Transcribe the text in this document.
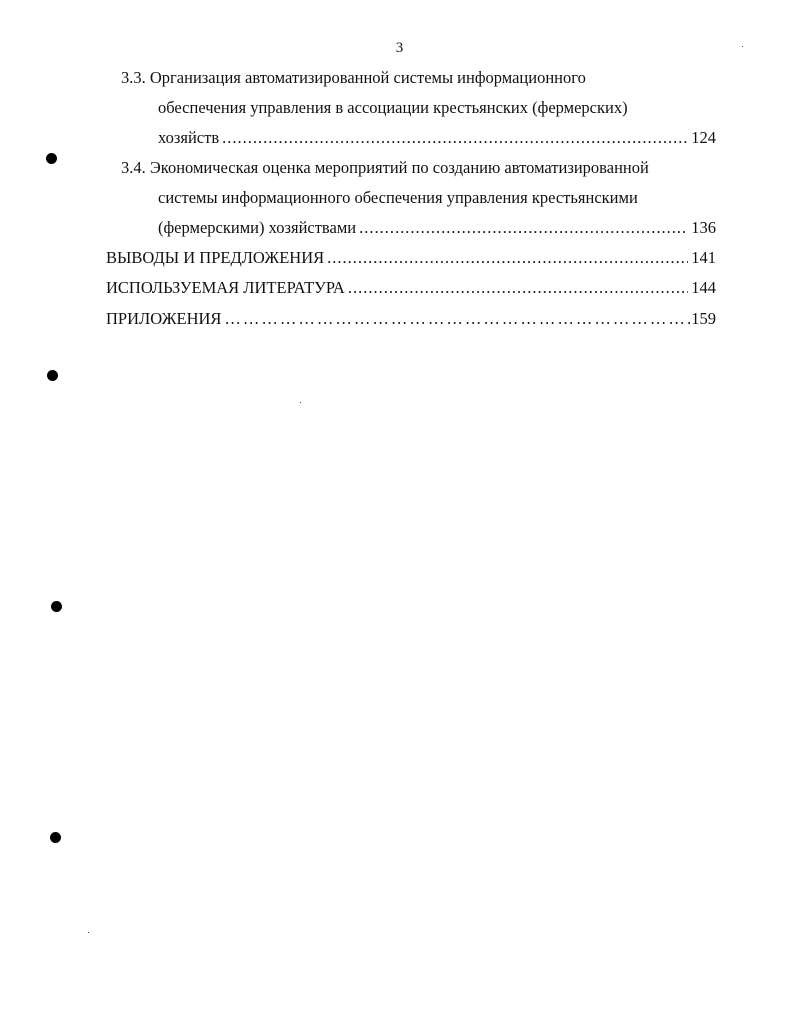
3
3.3. Организация автоматизированной системы информационного
обеспечения управления в ассоциации крестьянских (фермерских)
хозяйств .....	124
3.4. Экономическая оценка мероприятий по созданию автоматизированной
системы информационного обеспечения управления крестьянскими
(фермерскими) хозяйствами .....	136
ВЫВОДЫ И ПРЕДЛОЖЕНИЯ .....	141
ИСПОЛЬЗУЕМАЯ ЛИТЕРАТУРА .....	144
ПРИЛОЖЕНИЯ …………………………………………………………………………………………………………………………………………………………	.159
